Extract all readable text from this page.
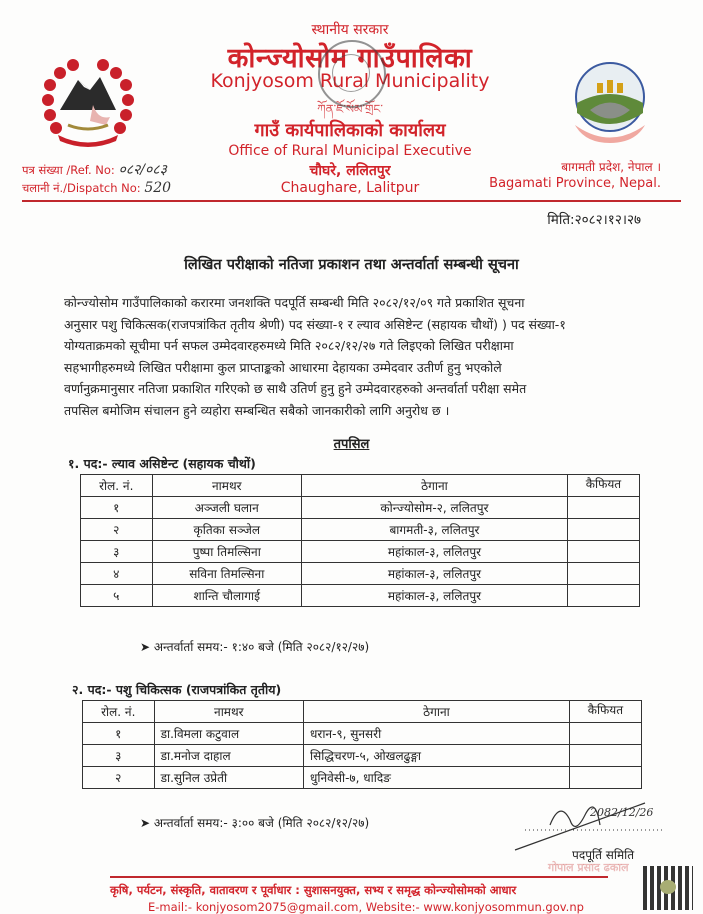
स्थानीय सरकार
कोन्ज्योसोम गाउँपालिका
Konjyosom Rural Municipality
ཀོན་ཇོ་སོམ་གྲོང་
गाउँ कार्यपालिकाको कार्यालय
Office of Rural Municipal Executive
चौघरे, ललितपुर
Chaughare, Lalitpur
पत्र संख्या /Ref. No: ०८२/०८३
चलानी नं./Dispatch No: 520
बागमती प्रदेश, नेपाल ।
Bagamati Province, Nepal.
मिति:२०८२।१२।२७
लिखित परीक्षाको नतिजा प्रकाशन तथा अन्तर्वार्ता सम्बन्धी सूचना
कोन्ज्योसोम गाउँपालिकाको करारमा जनशक्ति पदपूर्ति सम्बन्धी मिति २०८२/१२/०९ गते प्रकाशित सूचना
अनुसार पशु चिकित्सक(राजपत्रांकित तृतीय श्रेणी) पद संख्या-१ र ल्याव असिष्टेन्ट (सहायक चौथों) ) पद संख्या-१
योग्यताक्रमको सूचीमा पर्न सफल उम्मेदवारहरुमध्ये मिति २०८२/१२/२७ गते लिइएको लिखित परीक्षामा
सहभागीहरुमध्ये लिखित परीक्षामा कुल प्राप्ताङ्कको आधारमा देहायका उम्मेदवार उतीर्ण हुनु भएकोले
वर्णानुक्रमानुसार नतिजा प्रकाशित गरिएको छ साथै उतिर्ण हुनु हुने उम्मेदवारहरुको अन्तर्वार्ता परीक्षा समेत
तपसिल बमोजिम संचालन हुने व्यहोरा सम्बन्धित सबैको जानकारीको लागि अनुरोध छ ।
तपसिल
१. पद:- ल्याव असिष्टेन्ट (सहायक चौथों)
रोल. नं.	नामथर	ठेगाना	कैफियत
१	अञ्जली घलान	कोन्ज्योसोम-२, ललितपुर	
२	कृतिका सञ्जेल	बागमती-३, ललितपुर	
३	पुष्पा तिमल्सिना	महांकाल-३, ललितपुर	
४	सविना तिमल्सिना	महांकाल-३, ललितपुर	
५	शान्ति चौलागाई	महांकाल-३, ललितपुर	
➤ अन्तर्वार्ता समय:- १:४० बजे (मिति २०८२/१२/२७)
२. पद:- पशु चिकित्सक (राजपत्रांकित तृतीय)
रोल. नं.	नामथर	ठेगाना	कैफियत
१	डा.विमला कटुवाल	धरान-९, सुनसरी	
३	डा.मनोज दाहाल	सिद्धिचरण-५, ओखलढुङ्गा	
२	डा.सुनिल उप्रेती	धुनिवेसी-७, धादिङ	
➤ अन्तर्वार्ता समय:- ३:०० बजे (मिति २०८२/१२/२७)
2082/12/26
पदपूर्ति समिति
गोपाल प्रसाद ढकाल
कृषि, पर्यटन, संस्कृति, वातावरण र पूर्वाधार : सुशासनयुक्त, सभ्य र समृद्ध कोन्ज्योसोमको आधार
E-mail:- konjyosom2075@gmail.com, Website:- www.konjyosommun.gov.np
